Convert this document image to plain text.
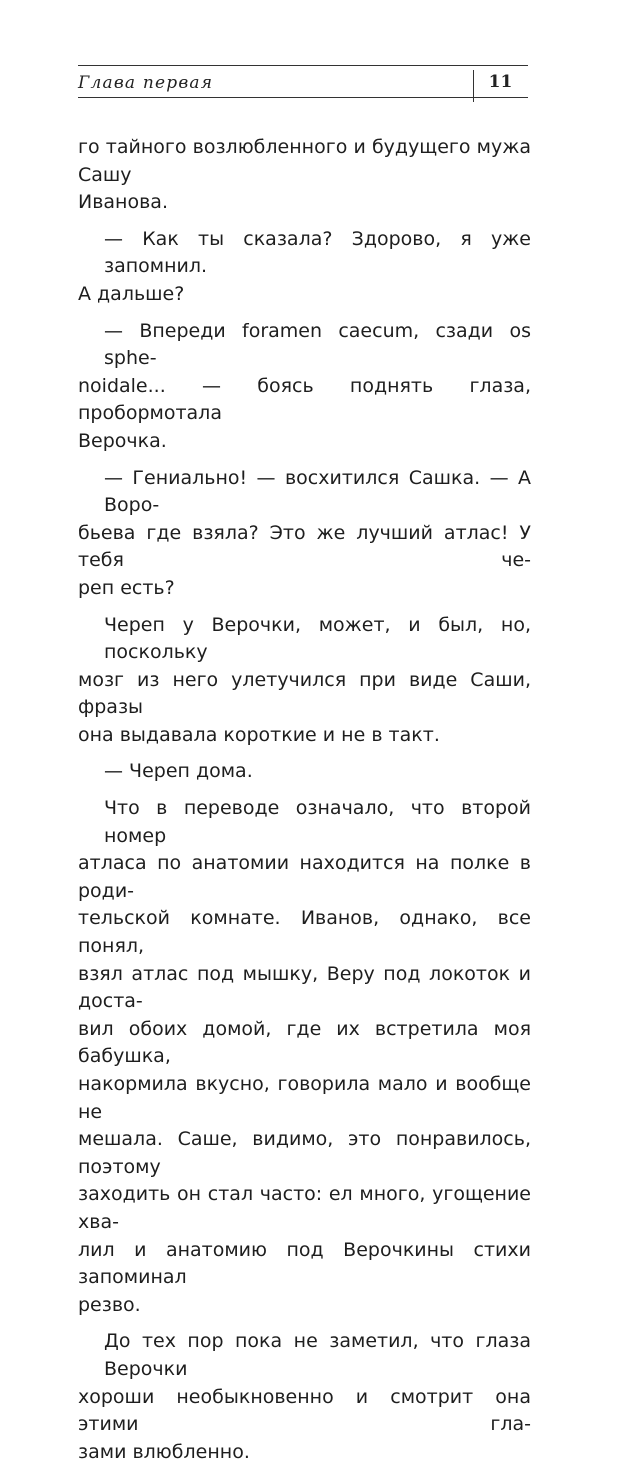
Глава первая	11
го тайного возлюбленного и будущего мужа Сашу
Иванова.
— Как ты сказала? Здорово, я уже запомнил.
А дальше?
— Впереди foramen caecum, сзади os sphe-
noidale... — боясь поднять глаза, пробормотала
Верочка.
— Гениально! — восхитился Сашка. — А Воро-
бьева где взяла? Это же лучший атлас! У тебя че-
реп есть?
Череп у Верочки, может, и был, но, поскольку
мозг из него улетучился при виде Саши, фразы
она выдавала короткие и не в такт.
— Череп дома.
Что в переводе означало, что второй номер
атласа по анатомии находится на полке в роди-
тельской комнате. Иванов, однако, все понял,
взял атлас под мышку, Веру под локоток и доста-
вил обоих домой, где их встретила моя бабушка,
накормила вкусно, говорила мало и вообще не
мешала. Саше, видимо, это понравилось, поэтому
заходить он стал часто: ел много, угощение хва-
лил и анатомию под Верочкины стихи запоминал
резво.
До тех пор пока не заметил, что глаза Верочки
хороши необыкновенно и смотрит она этими гла-
зами влюбленно.
